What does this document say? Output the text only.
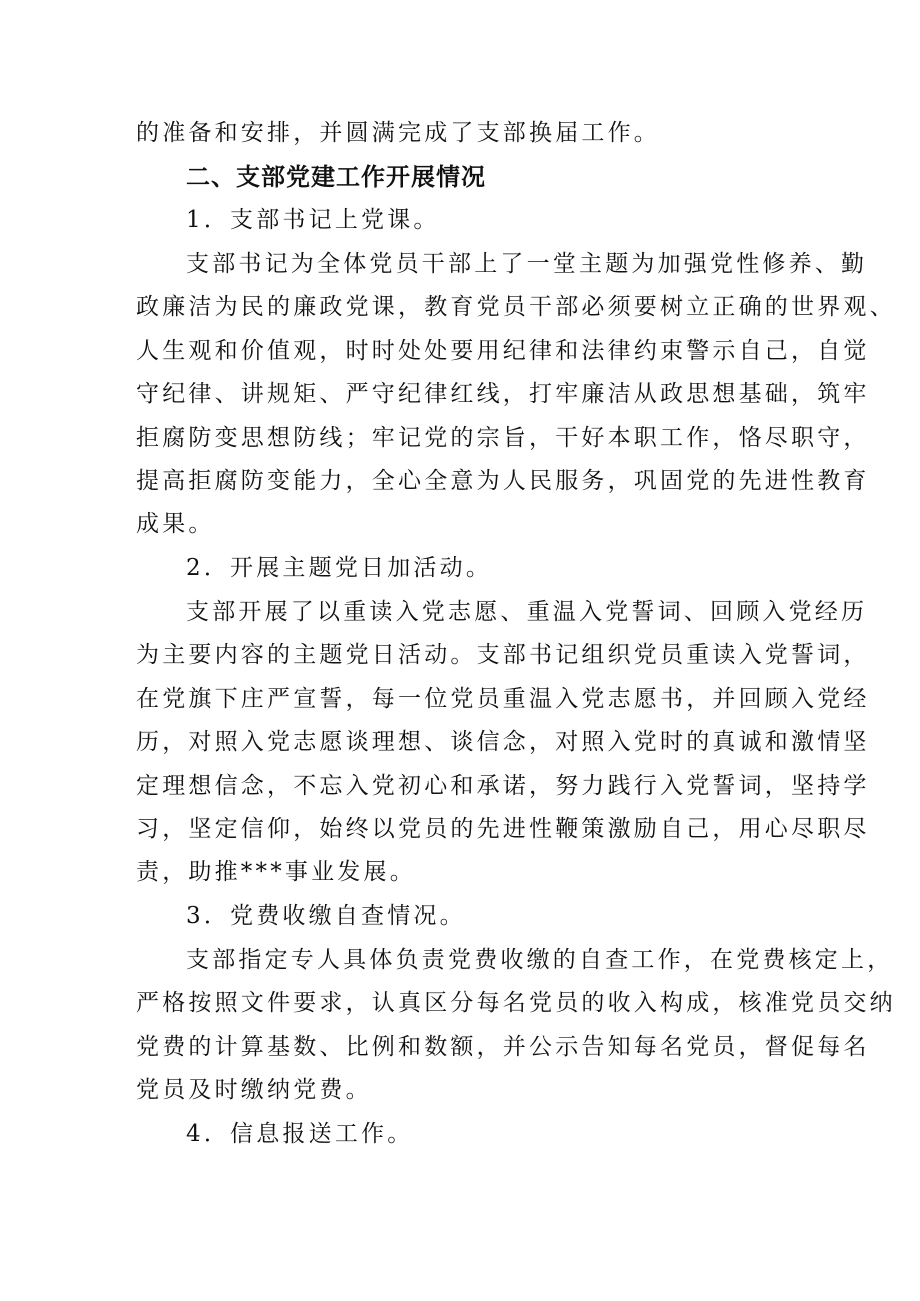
的准备和安排，并圆满完成了支部换届工作。
二、支部党建工作开展情况
1．支部书记上党课。
支部书记为全体党员干部上了一堂主题为加强党性修养、勤
政廉洁为民的廉政党课，教育党员干部必须要树立正确的世界观、
人生观和价值观，时时处处要用纪律和法律约束警示自己，自觉
守纪律、讲规矩、严守纪律红线，打牢廉洁从政思想基础，筑牢
拒腐防变思想防线；牢记党的宗旨，干好本职工作，恪尽职守，
提高拒腐防变能力，全心全意为人民服务，巩固党的先进性教育
成果。
2．开展主题党日加活动。
支部开展了以重读入党志愿、重温入党誓词、回顾入党经历
为主要内容的主题党日活动。支部书记组织党员重读入党誓词，
在党旗下庄严宣誓，每一位党员重温入党志愿书，并回顾入党经
历，对照入党志愿谈理想、谈信念，对照入党时的真诚和激情坚
定理想信念，不忘入党初心和承诺，努力践行入党誓词，坚持学
习，坚定信仰，始终以党员的先进性鞭策激励自己，用心尽职尽
责，助推***事业发展。
3．党费收缴自查情况。
支部指定专人具体负责党费收缴的自查工作，在党费核定上，
严格按照文件要求，认真区分每名党员的收入构成，核准党员交纳
党费的计算基数、比例和数额，并公示告知每名党员，督促每名
党员及时缴纳党费。
4．信息报送工作。
